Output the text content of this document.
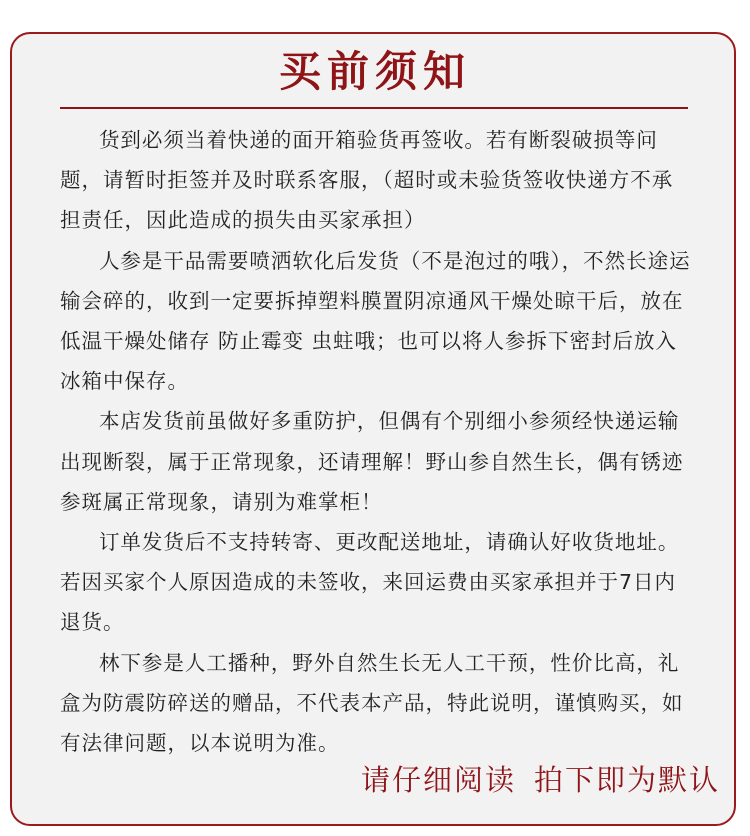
买前须知

货到必须当着快递的面开箱验货再签收。若有断裂破损等问题，请暂时拒签并及时联系客服，（超时或未验货签收快递方不承担责任，因此造成的损失由买家承担）

人参是干品需要喷洒软化后发货（不是泡过的哦），不然长途运输会碎的，收到一定要拆掉塑料膜置阴凉通风干燥处晾干后，放在低温干燥处储存 防止霉变 虫蛀哦；也可以将人参拆下密封后放入冰箱中保存。

本店发货前虽做好多重防护，但偶有个别细小参须经快递运输出现断裂，属于正常现象，还请理解！野山参自然生长，偶有锈迹参斑属正常现象，请别为难掌柜！

订单发货后不支持转寄、更改配送地址，请确认好收货地址。若因买家个人原因造成的未签收，来回运费由买家承担并于7日内退货。

林下参是人工播种，野外自然生长无人工干预，性价比高，礼盒为防震防碎送的赠品，不代表本产品，特此说明，谨慎购买，如有法律问题，以本说明为准。

请仔细阅读 拍下即为默认
